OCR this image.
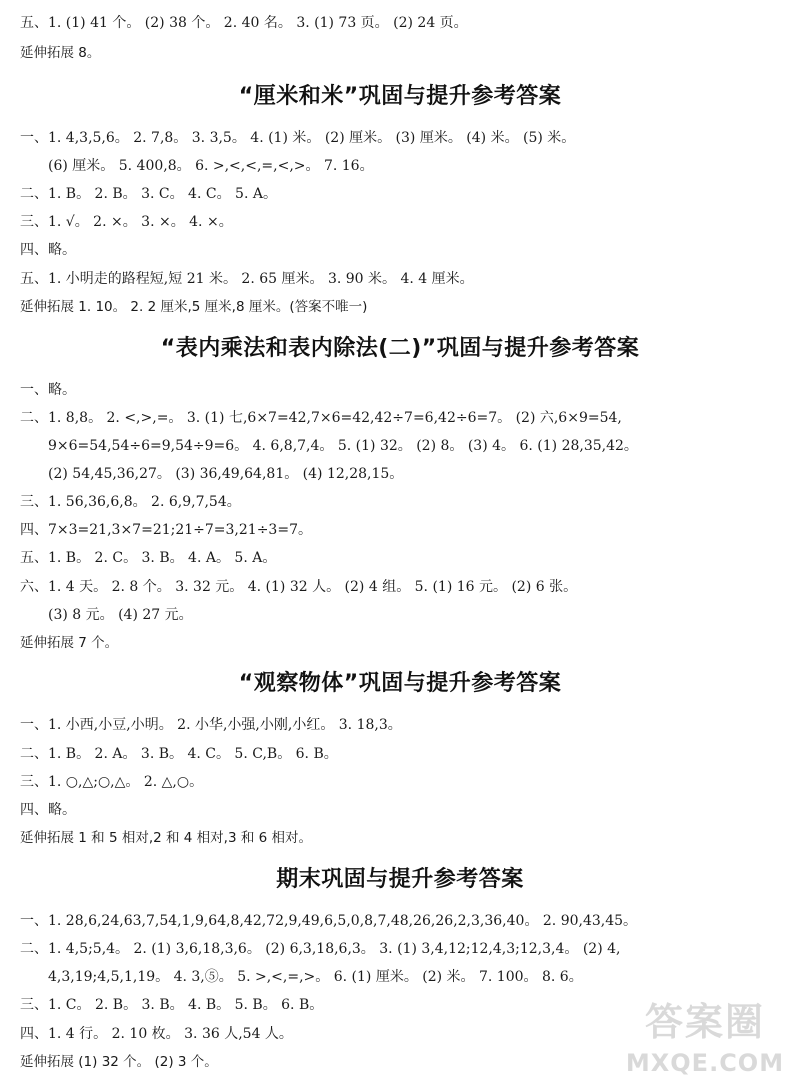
五、1. (1) 41 个。 (2) 38 个。 2. 40 名。 3. (1) 73 页。 (2) 24 页。
延伸拓展 8。
“厘米和米”巩固与提升参考答案
一、1. 4,3,5,6。 2. 7,8。 3. 3,5。 4. (1) 米。 (2) 厘米。 (3) 厘米。 (4) 米。 (5) 米。
(6) 厘米。 5. 400,8。 6. >,<,<,=,<,>。 7. 16。
二、1. B。 2. B。 3. C。 4. C。 5. A。
三、1. √。 2. ×。 3. ×。 4. ×。
四、略。
五、1. 小明走的路程短,短 21 米。 2. 65 厘米。 3. 90 米。 4. 4 厘米。
延伸拓展 1. 10。 2. 2 厘米,5 厘米,8 厘米。(答案不唯一)
“表内乘法和表内除法(二)”巩固与提升参考答案
一、略。
二、1. 8,8。 2. <,>,=。 3. (1) 七,6×7=42,7×6=42,42÷7=6,42÷6=7。 (2) 六,6×9=54,
9×6=54,54÷6=9,54÷9=6。 4. 6,8,7,4。 5. (1) 32。 (2) 8。 (3) 4。 6. (1) 28,35,42。
(2) 54,45,36,27。 (3) 36,49,64,81。 (4) 12,28,15。
三、1. 56,36,6,8。 2. 6,9,7,54。
四、7×3=21,3×7=21;21÷7=3,21÷3=7。
五、1. B。 2. C。 3. B。 4. A。 5. A。
六、1. 4 天。 2. 8 个。 3. 32 元。 4. (1) 32 人。 (2) 4 组。 5. (1) 16 元。 (2) 6 张。
(3) 8 元。 (4) 27 元。
延伸拓展 7 个。
“观察物体”巩固与提升参考答案
一、1. 小西,小豆,小明。 2. 小华,小强,小刚,小红。 3. 18,3。
二、1. B。 2. A。 3. B。 4. C。 5. C,B。 6. B。
三、1. ○,△;○,△。 2. △,○。
四、略。
延伸拓展 1 和 5 相对,2 和 4 相对,3 和 6 相对。
期末巩固与提升参考答案
一、1. 28,6,24,63,7,54,1,9,64,8,42,72,9,49,6,5,0,8,7,48,26,26,2,3,36,40。 2. 90,43,45。
二、1. 4,5;5,4。 2. (1) 3,6,18,3,6。 (2) 6,3,18,6,3。 3. (1) 3,4,12;12,4,3;12,3,4。 (2) 4,
4,3,19;4,5,1,19。 4. 3,⑤。 5. >,<,=,>。 6. (1) 厘米。 (2) 米。 7. 100。 8. 6。
三、1. C。 2. B。 3. B。 4. B。 5. B。 6. B。
四、1. 4 行。 2. 10 枚。 3. 36 人,54 人。
延伸拓展 (1) 32 个。 (2) 3 个。
答案圈
MXQE.COM
